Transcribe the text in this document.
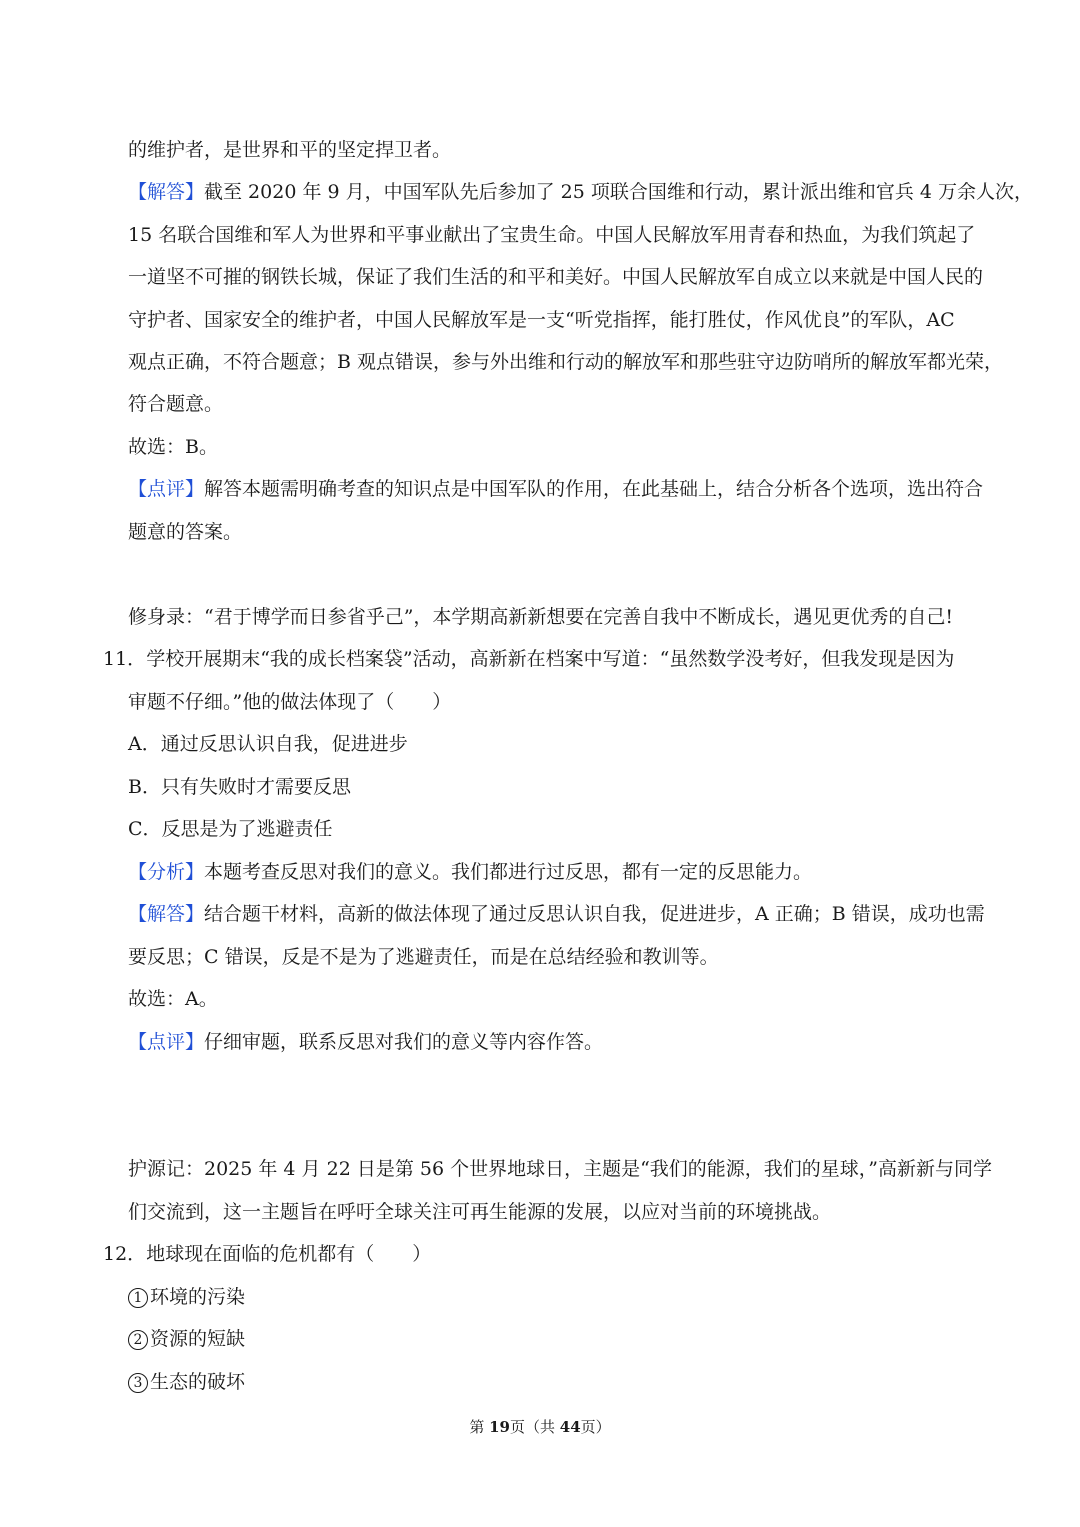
的维护者，是世界和平的坚定捍卫者。
【解答】截至 2020 年 9 月，中国军队先后参加了 25 项联合国维和行动，累计派出维和官兵 4 万余人次，
15 名联合国维和军人为世界和平事业献出了宝贵生命。中国人民解放军用青春和热血，为我们筑起了
一道坚不可摧的钢铁长城，保证了我们生活的和平和美好。中国人民解放军自成立以来就是中国人民的
守护者、国家安全的维护者，中国人民解放军是一支“听党指挥，能打胜仗，作风优良”的军队，AC
观点正确，不符合题意；B 观点错误，参与外出维和行动的解放军和那些驻守边防哨所的解放军都光荣，
符合题意。
故选：B。
【点评】解答本题需明确考查的知识点是中国军队的作用，在此基础上，结合分析各个选项，选出符合
题意的答案。
修身录：“君于博学而日参省乎己”，本学期高新新想要在完善自我中不断成长，遇见更优秀的自己!
11．学校开展期末“我的成长档案袋”活动，高新新在档案中写道：“虽然数学没考好，但我发现是因为
审题不仔细。”他的做法体现了（　　）
A．通过反思认识自我，促进进步
B．只有失败时才需要反思
C．反思是为了逃避责任
【分析】本题考查反思对我们的意义。我们都进行过反思，都有一定的反思能力。
【解答】结合题干材料，高新的做法体现了通过反思认识自我，促进进步，A 正确；B 错误，成功也需
要反思；C 错误，反是不是为了逃避责任，而是在总结经验和教训等。
故选：A。
【点评】仔细审题，联系反思对我们的意义等内容作答。
护源记：2025 年 4 月 22 日是第 56 个世界地球日，主题是“我们的能源，我们的星球，”高新新与同学
们交流到，这一主题旨在呼吁全球关注可再生能源的发展，以应对当前的环境挑战。
12．地球现在面临的危机都有（　　）
1 环境的污染
2 资源的短缺
3 生态的破坏
第 19页（共 44页）
